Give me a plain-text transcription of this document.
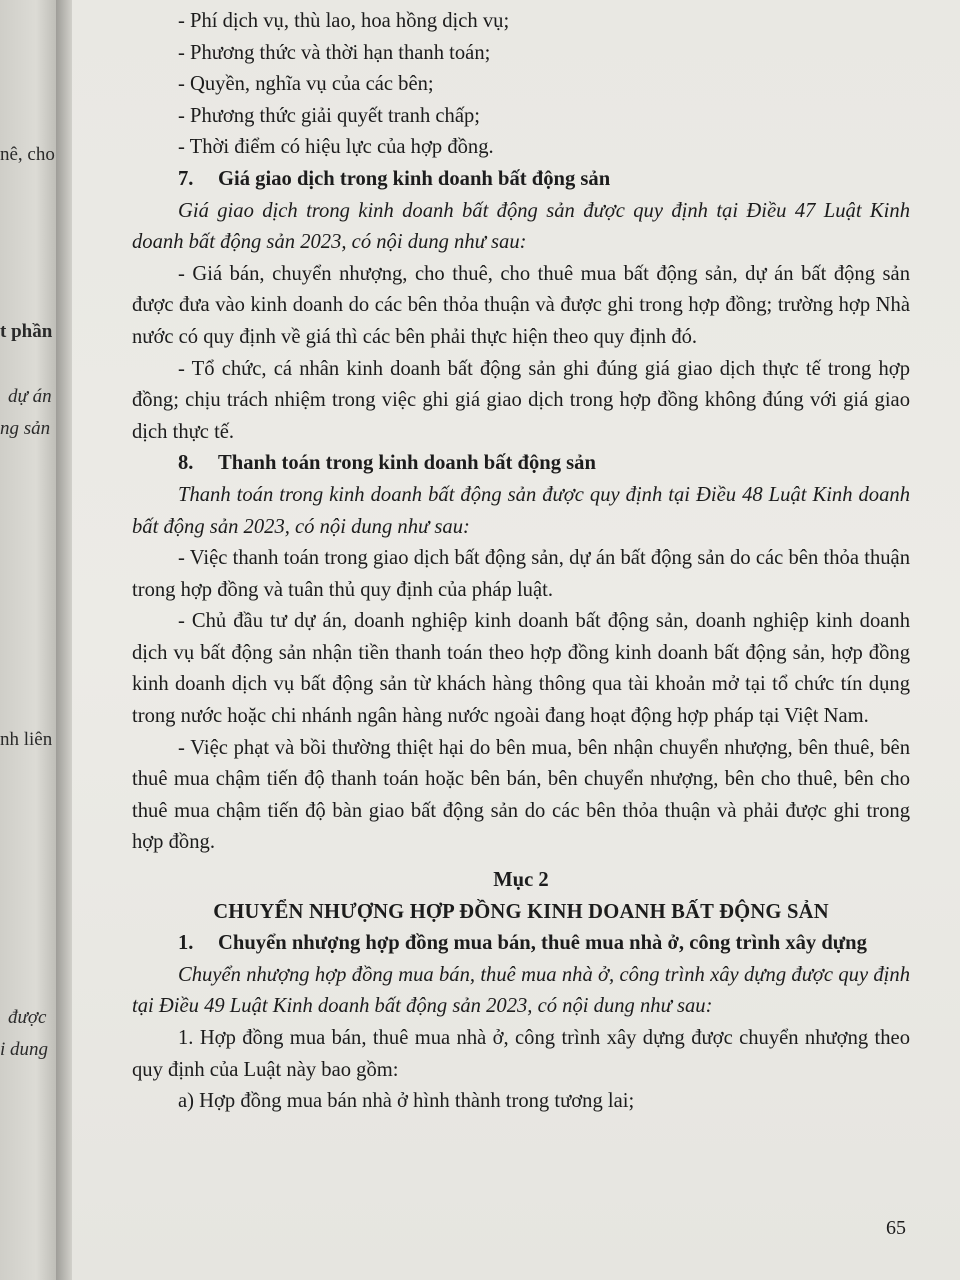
nê, cho
t phần
dự án
ng sản
nh liên
được
i dung

- Phí dịch vụ, thù lao, hoa hồng dịch vụ;

- Phương thức và thời hạn thanh toán;

- Quyền, nghĩa vụ của các bên;

- Phương thức giải quyết tranh chấp;

- Thời điểm có hiệu lực của hợp đồng.

7. Giá giao dịch trong kinh doanh bất động sản

Giá giao dịch trong kinh doanh bất động sản được quy định tại Điều 47 Luật Kinh doanh bất động sản 2023, có nội dung như sau:

- Giá bán, chuyển nhượng, cho thuê, cho thuê mua bất động sản, dự án bất động sản được đưa vào kinh doanh do các bên thỏa thuận và được ghi trong hợp đồng; trường hợp Nhà nước có quy định về giá thì các bên phải thực hiện theo quy định đó.

- Tổ chức, cá nhân kinh doanh bất động sản ghi đúng giá giao dịch thực tế trong hợp đồng; chịu trách nhiệm trong việc ghi giá giao dịch trong hợp đồng không đúng với giá giao dịch thực tế.

8. Thanh toán trong kinh doanh bất động sản

Thanh toán trong kinh doanh bất động sản được quy định tại Điều 48 Luật Kinh doanh bất động sản 2023, có nội dung như sau:

- Việc thanh toán trong giao dịch bất động sản, dự án bất động sản do các bên thỏa thuận trong hợp đồng và tuân thủ quy định của pháp luật.

- Chủ đầu tư dự án, doanh nghiệp kinh doanh bất động sản, doanh nghiệp kinh doanh dịch vụ bất động sản nhận tiền thanh toán theo hợp đồng kinh doanh bất động sản, hợp đồng kinh doanh dịch vụ bất động sản từ khách hàng thông qua tài khoản mở tại tổ chức tín dụng trong nước hoặc chi nhánh ngân hàng nước ngoài đang hoạt động hợp pháp tại Việt Nam.

- Việc phạt và bồi thường thiệt hại do bên mua, bên nhận chuyển nhượng, bên thuê, bên thuê mua chậm tiến độ thanh toán hoặc bên bán, bên chuyển nhượng, bên cho thuê, bên cho thuê mua chậm tiến độ bàn giao bất động sản do các bên thỏa thuận và phải được ghi trong hợp đồng.

Mục 2

CHUYỂN NHƯỢNG HỢP ĐỒNG KINH DOANH BẤT ĐỘNG SẢN

1. Chuyển nhượng hợp đồng mua bán, thuê mua nhà ở, công trình xây dựng

Chuyển nhượng hợp đồng mua bán, thuê mua nhà ở, công trình xây dựng được quy định tại Điều 49 Luật Kinh doanh bất động sản 2023, có nội dung như sau:

1. Hợp đồng mua bán, thuê mua nhà ở, công trình xây dựng được chuyển nhượng theo quy định của Luật này bao gồm:

a) Hợp đồng mua bán nhà ở hình thành trong tương lai;

65
